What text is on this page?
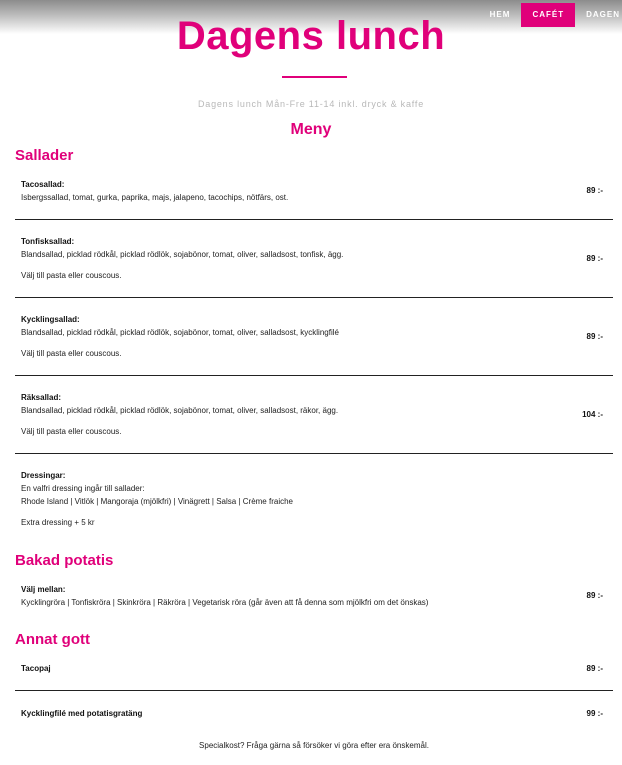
HEM	CAFÉT	DAGEN
Dagens lunch
Dagens lunch Mån-Fre 11-14 inkl. dryck & kaffe
Meny
Sallader
Tacosallad:
Isbergssallad, tomat, gurka, paprika, majs, jalapeno, tacochips, nötfärs, ost.
89 :-
Tonfisksallad:
Blandsallad, picklad rödkål, picklad rödlök, sojabönor, tomat, oliver, salladsost, tonfisk, ägg.
Välj till pasta eller couscous.
89 :-
Kycklingsallad:
Blandsallad, picklad rödkål, picklad rödlök, sojabönor, tomat, oliver, salladsost, kycklingfilé
Välj till pasta eller couscous.
89 :-
Räksallad:
Blandsallad, picklad rödkål, picklad rödlök, sojabönor, tomat, oliver, salladsost, räkor, ägg.
Välj till pasta eller couscous.
104 :-
Dressingar:
En valfri dressing ingår till sallader:
Rhode Island | Vitlök | Mangoraja (mjölkfri) | Vinägrett | Salsa | Crème fraiche
Extra dressing + 5 kr
Bakad potatis
Välj mellan:
Kycklingröra | Tonfiskröra | Skinkröra | Räkröra | Vegetarisk röra (går även att få denna som mjölkfri om det önskas)
89 :-
Annat gott
Tacopaj	89 :-
Kycklingfilé med potatisgratäng	99 :-
Specialkost? Fråga gärna så försöker vi göra efter era önskemål.
